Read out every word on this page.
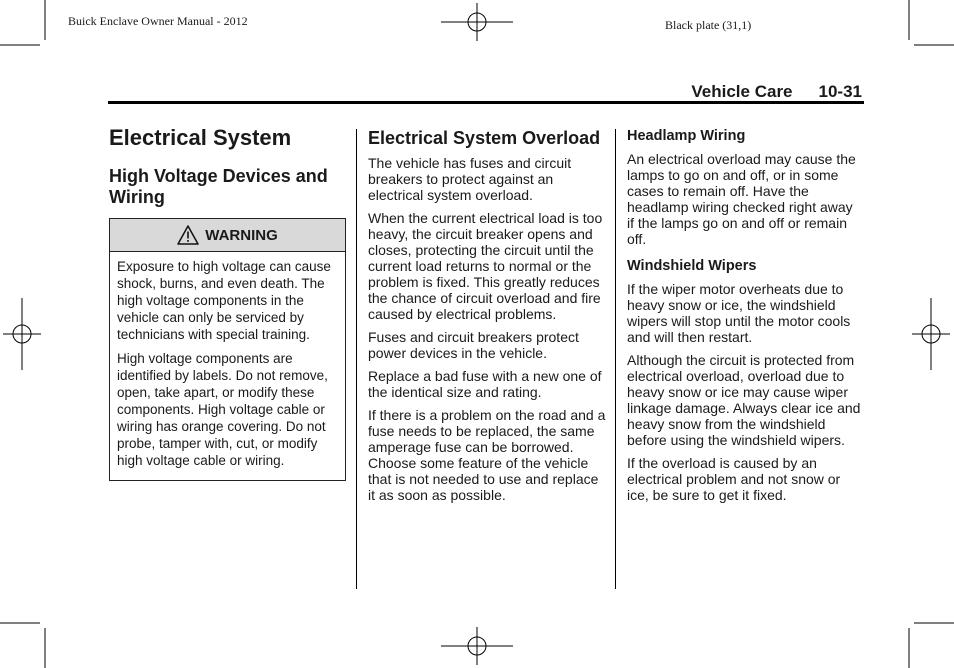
Buick Enclave Owner Manual - 2012	Black plate (31,1)
Vehicle Care 10-31
Electrical System
High Voltage Devices and Wiring
WARNING

Exposure to high voltage can cause shock, burns, and even death. The high voltage components in the vehicle can only be serviced by technicians with special training.

High voltage components are identified by labels. Do not remove, open, take apart, or modify these components. High voltage cable or wiring has orange covering. Do not probe, tamper with, cut, or modify high voltage cable or wiring.

Electrical System Overload

The vehicle has fuses and circuit breakers to protect against an electrical system overload.

When the current electrical load is too heavy, the circuit breaker opens and closes, protecting the circuit until the current load returns to normal or the problem is fixed. This greatly reduces the chance of circuit overload and fire caused by electrical problems.

Fuses and circuit breakers protect power devices in the vehicle.

Replace a bad fuse with a new one of the identical size and rating.

If there is a problem on the road and a fuse needs to be replaced, the same amperage fuse can be borrowed. Choose some feature of the vehicle that is not needed to use and replace it as soon as possible.

Headlamp Wiring

An electrical overload may cause the lamps to go on and off, or in some cases to remain off. Have the headlamp wiring checked right away if the lamps go on and off or remain off.

Windshield Wipers

If the wiper motor overheats due to heavy snow or ice, the windshield wipers will stop until the motor cools and will then restart.

Although the circuit is protected from electrical overload, overload due to heavy snow or ice may cause wiper linkage damage. Always clear ice and heavy snow from the windshield before using the windshield wipers.

If the overload is caused by an electrical problem and not snow or ice, be sure to get it fixed.
